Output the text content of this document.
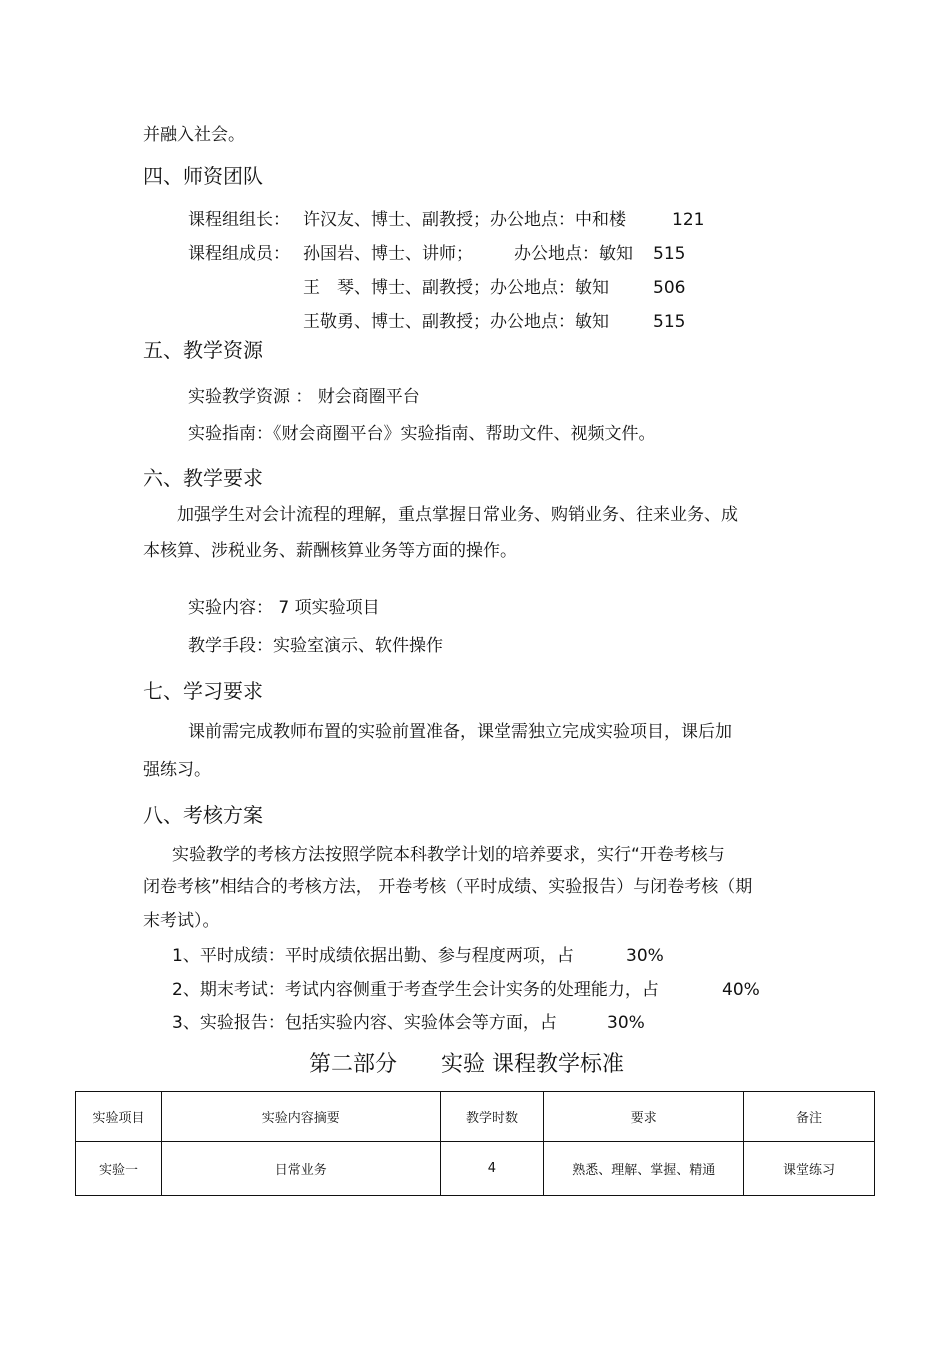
并融入社会。
四、师资团队
课程组组长： 许汉友、博士、副教授；办公地点：中和楼	121
课程组成员： 孙国岩、博士、讲师； 办公地点：敏知 515
王　琴、博士、副教授；办公地点：敏知	506
王敬勇、博士、副教授；办公地点：敏知	515
五、教学资源
实验教学资源 ： 财会商圈平台
实验指南：《财会商圈平台》实验指南、帮助文件、视频文件。
六、教学要求
加强学生对会计流程的理解，重点掌握日常业务、购销业务、往来业务、成
本核算、涉税业务、薪酬核算业务等方面的操作。
实验内容： 7 项实验项目
教学手段：实验室演示、软件操作
七、学习要求
课前需完成教师布置的实验前置准备，课堂需独立完成实验项目，课后加
强练习。
八、考核方案
实验教学的考核方法按照学院本科教学计划的培养要求，实行“开卷考核与
闭卷考核”相结合的考核方法， 开卷考核（平时成绩、实验报告）与闭卷考核（期
末考试）。
1、平时成绩：平时成绩依据出勤、参与程度两项，占	30%
2、期末考试：考试内容侧重于考查学生会计实务的处理能力，占	40%
3、实验报告：包括实验内容、实验体会等方面，占	30%
第二部分　　实验 课程教学标准
实验项目	实验内容摘要	教学时数	要求	备注
实验一	日常业务	4	熟悉、理解、掌握、精通	课堂练习
